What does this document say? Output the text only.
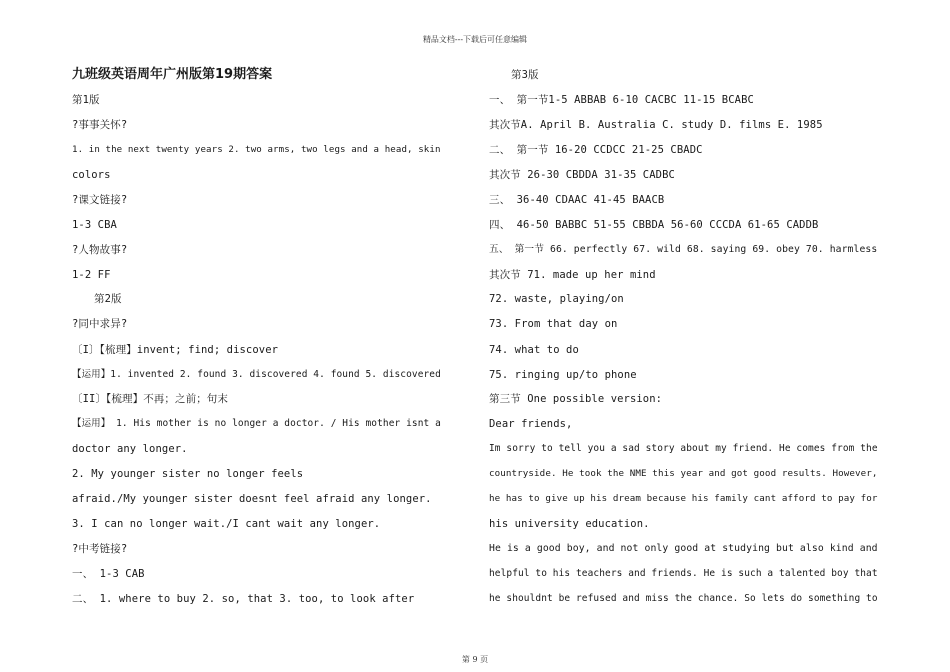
精品文档---下载后可任意编辑
九班级英语周年广州版第19期答案
第1版
?事事关怀?
1. in the next twenty years 2. two arms, two legs and a head, skin
colors
?课文链接?
1-3 CBA
?人物故事?
1-2 FF
第2版
?同中求异?
〔I〕【梳理】invent; find; discover
【运用】1. invented 2. found 3. discovered 4. found 5. discovered
〔II〕【梳理】不再；之前；句末
【运用】 1. His mother is no longer a doctor. / His mother isnt a
doctor any longer.
2. My younger sister no longer feels
afraid./My younger sister doesnt feel afraid any longer.
3. I can no longer wait./I cant wait any longer.
?中考链接?
一、 1-3 CAB
二、 1. where to buy 2. so, that 3. too, to look after
第3版
一、 第一节1-5 ABBAB 6-10 CACBC 11-15 BCABC
其次节A. April B. Australia C. study D. films E. 1985
二、 第一节 16-20 CCDCC 21-25 CBADC
其次节 26-30 CBDDA 31-35 CADBC
三、 36-40 CDAAC 41-45 BAACB
四、 46-50 BABBC 51-55 CBBDA 56-60 CCCDA 61-65 CADDB
五、 第一节 66. perfectly 67. wild 68. saying 69. obey 70. harmless
其次节 71. made up her mind
72. waste, playing/on
73. From that day on
74. what to do
75. ringing up/to phone
第三节 One possible version:
Dear friends,
Im sorry to tell you a sad story about my friend. He comes from the
countryside. He took the NME this year and got good results. However,
he has to give up his dream because his family cant afford to pay for
his university education.
He is a good boy, and not only good at studying but also kind and
helpful to his teachers and friends. He is such a talented boy that
he shouldnt be refused and miss the chance. So lets do something to
第 9 页
